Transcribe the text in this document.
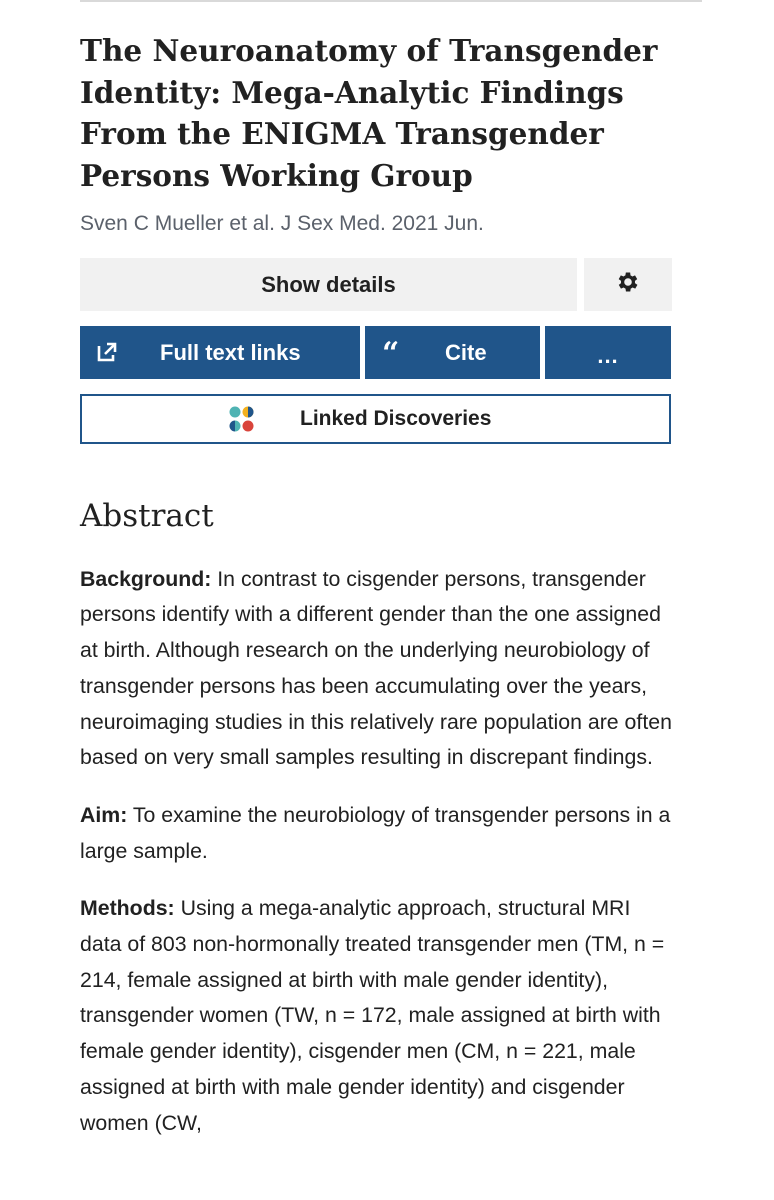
The Neuroanatomy of Transgender Identity: Mega-Analytic Findings From the ENIGMA Transgender Persons Working Group
Sven C Mueller et al. J Sex Med. 2021 Jun.
Show details
Full text links	“ Cite	...
Linked Discoveries
Abstract

Background: In contrast to cisgender persons, transgender persons identify with a different gender than the one assigned at birth. Although research on the underlying neurobiology of transgender persons has been accumulating over the years, neuroimaging studies in this relatively rare population are often based on very small samples resulting in discrepant findings.

Aim: To examine the neurobiology of transgender persons in a large sample.

Methods: Using a mega-analytic approach, structural MRI data of 803 non-hormonally treated transgender men (TM, n = 214, female assigned at birth with male gender identity), transgender women (TW, n = 172, male assigned at birth with female gender identity), cisgender men (CM, n = 221, male assigned at birth with male gender identity) and cisgender women (CW,
